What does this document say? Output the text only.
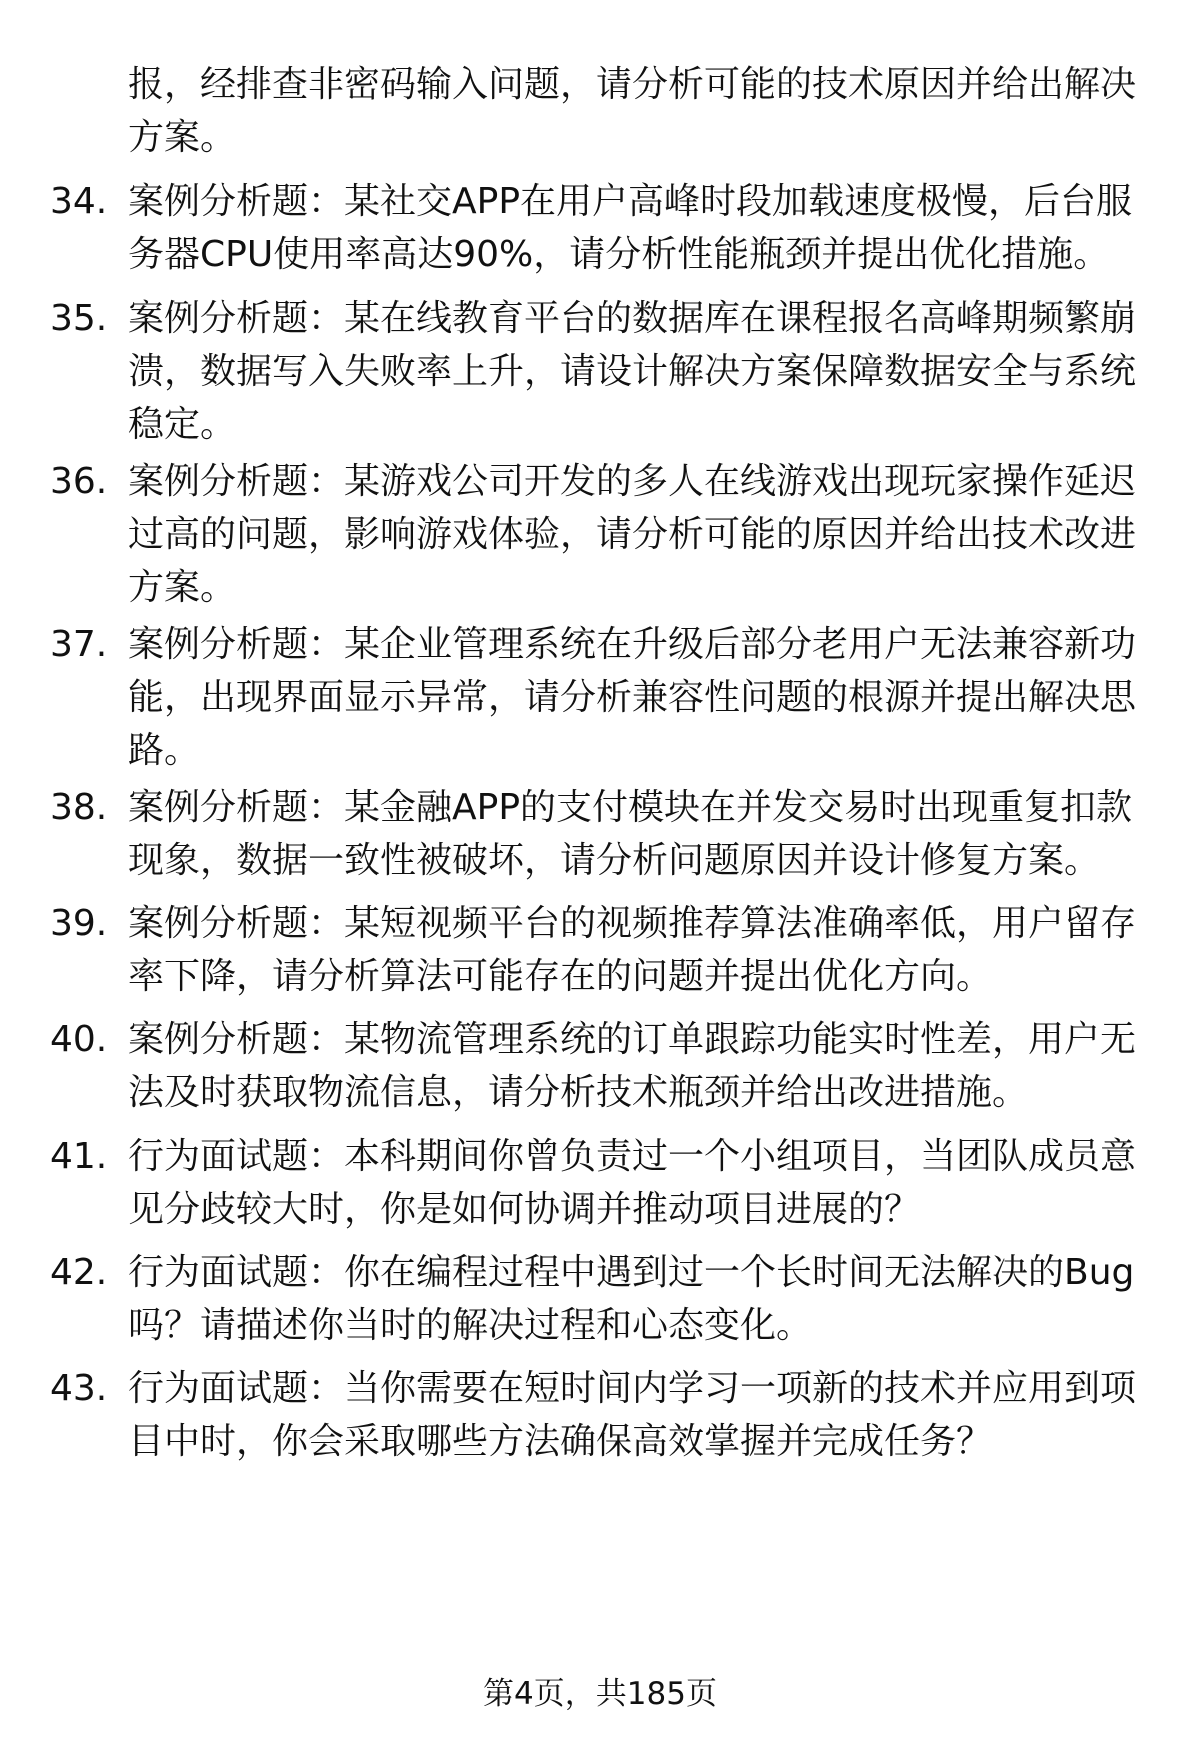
报，经排查非密码输入问题，请分析可能的技术原因并给出解决方案。

34. 案例分析题：某社交APP在用户高峰时段加载速度极慢，后台服务器CPU使用率高达90%，请分析性能瓶颈并提出优化措施。

35. 案例分析题：某在线教育平台的数据库在课程报名高峰期频繁崩溃，数据写入失败率上升，请设计解决方案保障数据安全与系统稳定。

36. 案例分析题：某游戏公司开发的多人在线游戏出现玩家操作延迟过高的问题，影响游戏体验，请分析可能的原因并给出技术改进方案。

37. 案例分析题：某企业管理系统在升级后部分老用户无法兼容新功能，出现界面显示异常，请分析兼容性问题的根源并提出解决思路。

38. 案例分析题：某金融APP的支付模块在并发交易时出现重复扣款现象，数据一致性被破坏，请分析问题原因并设计修复方案。

39. 案例分析题：某短视频平台的视频推荐算法准确率低，用户留存率下降，请分析算法可能存在的问题并提出优化方向。

40. 案例分析题：某物流管理系统的订单跟踪功能实时性差，用户无法及时获取物流信息，请分析技术瓶颈并给出改进措施。

41. 行为面试题：本科期间你曾负责过一个小组项目，当团队成员意见分歧较大时，你是如何协调并推动项目进展的？

42. 行为面试题：你在编程过程中遇到过一个长时间无法解决的Bug吗？请描述你当时的解决过程和心态变化。

43. 行为面试题：当你需要在短时间内学习一项新的技术并应用到项目中时，你会采取哪些方法确保高效掌握并完成任务？

第4页，共185页
